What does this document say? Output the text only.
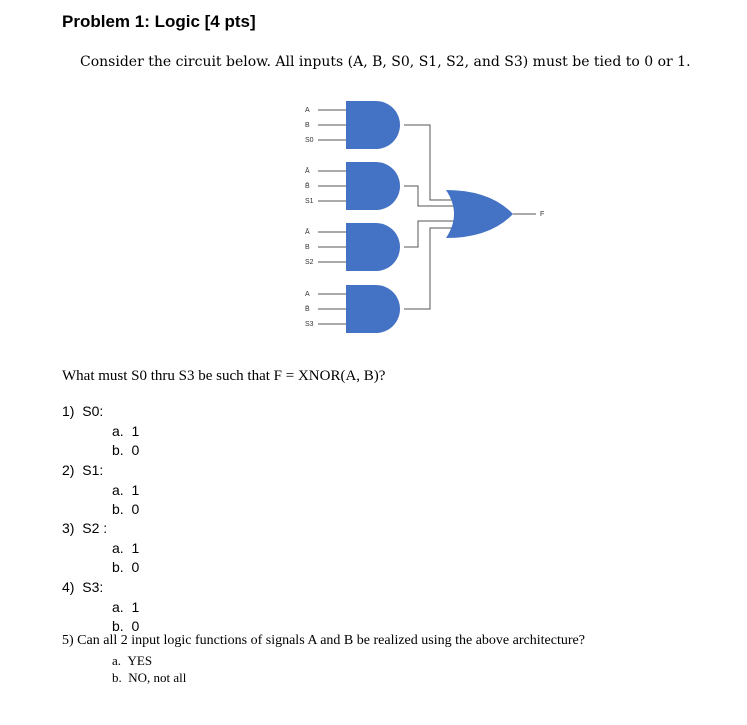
Problem 1: Logic [4 pts]
Consider the circuit below. All inputs (A, B, S0, S1, S2, and S3) must be tied to 0 or 1.
A
B
S0
Ā
B̄
S1
Ā
B
S2
A
B̄
S3
F
What must S0 thru S3 be such that F = XNOR(A, B)?
1) S0:
a. 1
b. 0
2) S1:
a. 1
b. 0
3) S2 :
a. 1
b. 0
4) S3:
a. 1
b. 0
5) Can all 2 input logic functions of signals A and B be realized using the above architecture?
a. YES
b. NO, not all
